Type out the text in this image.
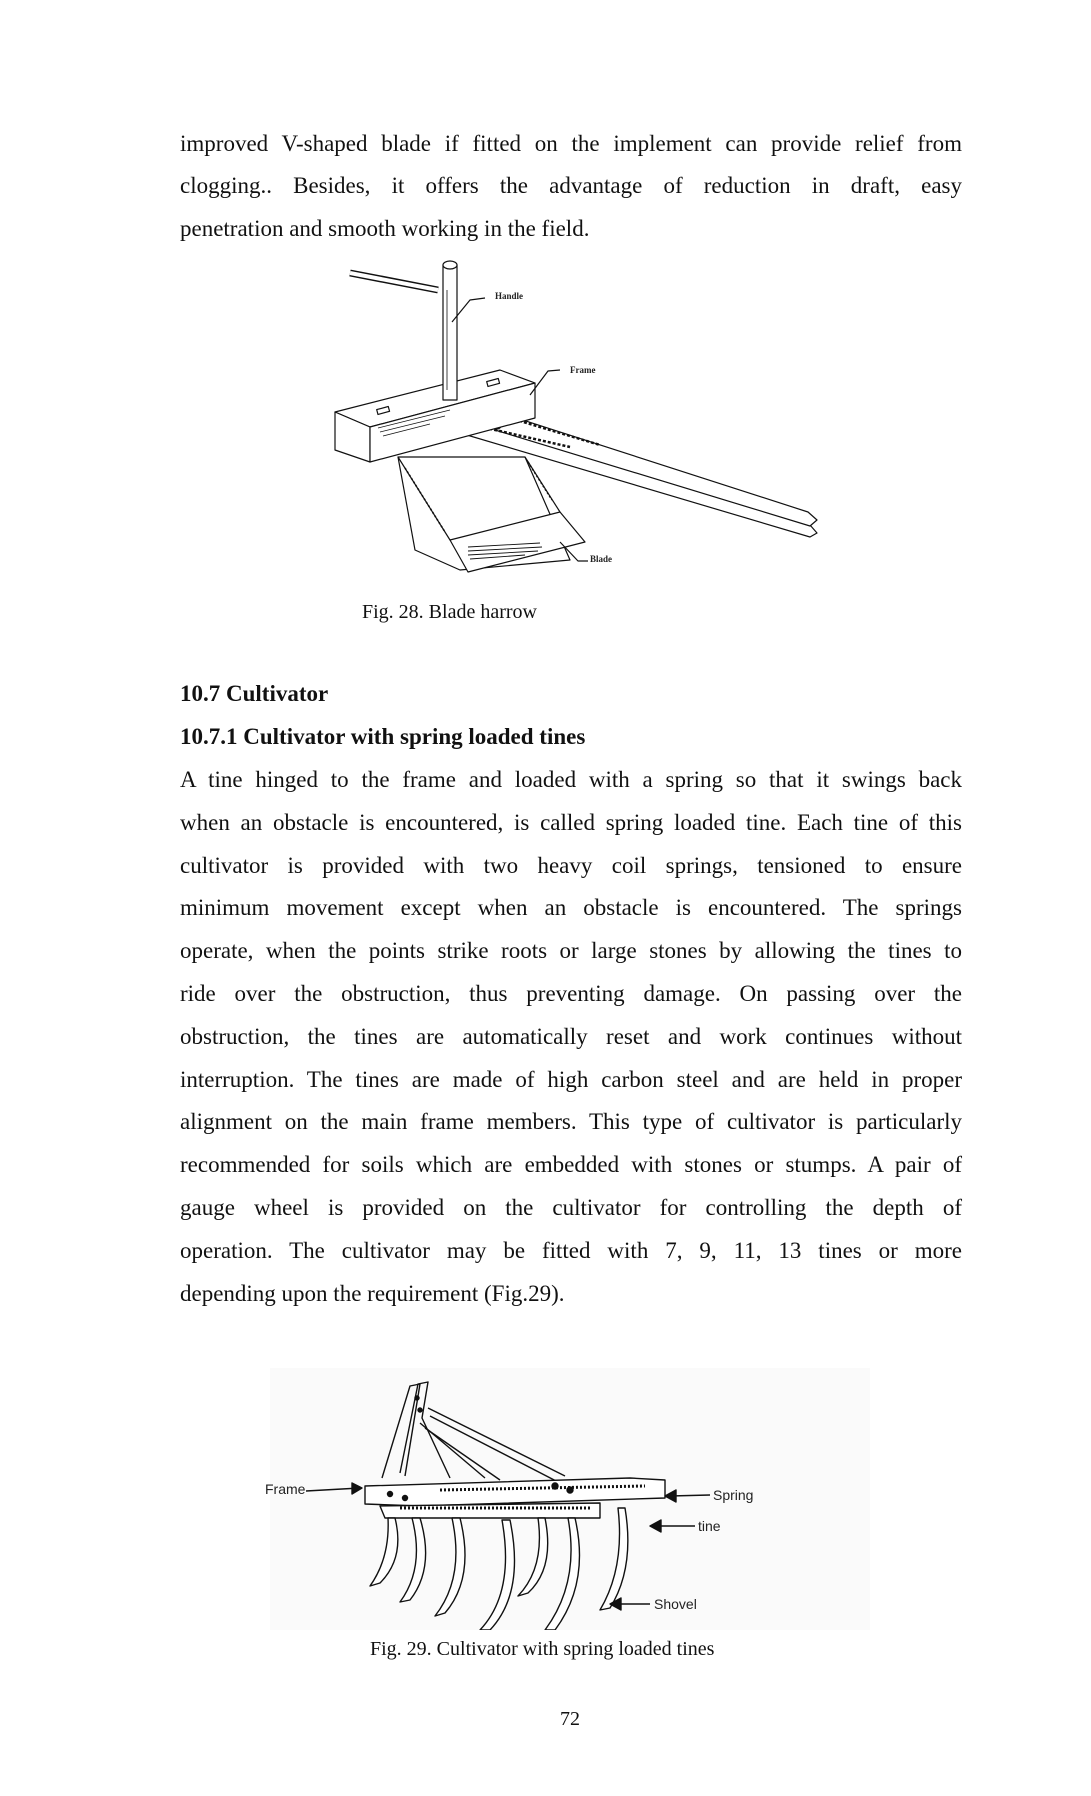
improved V-shaped blade if fitted on the implement can provide relief from
clogging.. Besides, it offers the advantage of reduction in draft, easy
penetration and smooth working in the field.
Handle
Frame
Blade
Fig. 28. Blade harrow
10.7 Cultivator
10.7.1 Cultivator with spring loaded tines
A tine hinged to the frame and loaded with a spring so that it swings back
when an obstacle is encountered, is called spring loaded tine. Each tine of this
cultivator is provided with two heavy coil springs, tensioned to ensure
minimum movement except when an obstacle is encountered. The springs
operate, when the points strike roots or large stones by allowing the tines to
ride over the obstruction, thus preventing damage. On passing over the
obstruction, the tines are automatically reset and work continues without
interruption. The tines are made of high carbon steel and are held in proper
alignment on the main frame members. This type of cultivator is particularly
recommended for soils which are embedded with stones or stumps. A pair of
gauge wheel is provided on the cultivator for controlling the depth of
operation. The cultivator may be fitted with 7, 9, 11, 13 tines or more
depending upon the requirement (Fig.29).
Frame	Spring
tine
Shovel
Fig. 29. Cultivator with spring loaded tines
72
